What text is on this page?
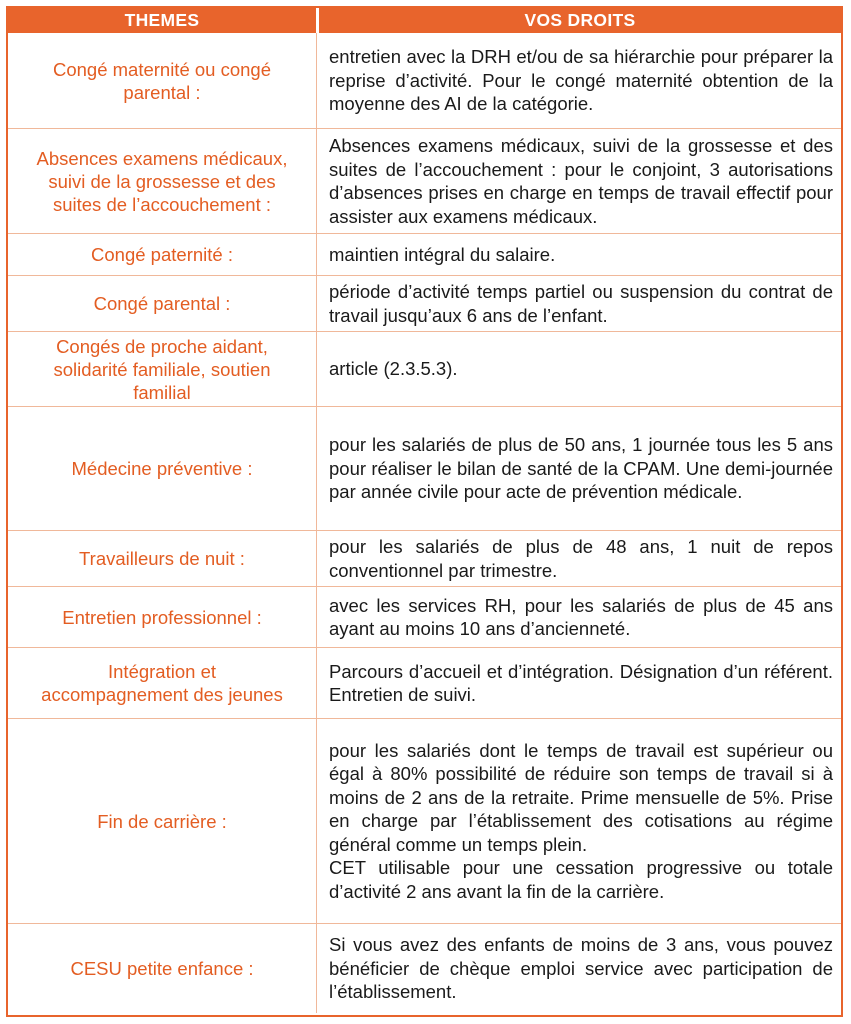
THEMES	VOS DROITS
Congé maternité ou congé
parental :

entretien avec la DRH et/ou de sa hiérarchie pour préparer la reprise d’activité. Pour le congé maternité obtention de la moyenne des AI de la catégorie.

Absences examens médicaux,
suivi de la grossesse et des
suites de l’accouchement :

Absences examens médicaux, suivi de la grossesse et des suites de l’accouchement : pour le conjoint, 3 autorisations d’absences prises en charge en temps de travail effectif pour assister aux examens médicaux.

Congé paternité :	maintien intégral du salaire.

Congé parental :

période d’activité temps partiel ou suspension du contrat de travail jusqu’aux 6 ans de l’enfant.

Congés de proche aidant,
solidarité familiale, soutien
familial

article (2.3.5.3).

Médecine préventive :

pour les salariés de plus de 50 ans, 1 journée tous les 5 ans pour réaliser le bilan de santé de la CPAM. Une demi-journée par année civile pour acte de prévention médicale.

Travailleurs de nuit :

pour les salariés de plus de 48 ans, 1 nuit de repos conventionnel par trimestre.

Entretien professionnel :

avec les services RH, pour les salariés de plus de 45 ans ayant au moins 10 ans d’ancienneté.

Intégration et
accompagnement des jeunes

Parcours d’accueil et d’intégration. Désignation d’un référent. Entretien de suivi.

Fin de carrière :

pour les salariés dont le temps de travail est supérieur ou égal à 80% possibilité de réduire son temps de travail si à moins de 2 ans de la retraite. Prime mensuelle de 5%. Prise en charge par l’établissement des cotisations au régime général comme un temps plein.

CET utilisable pour une cessation progressive ou totale d’activité 2 ans avant la fin de la carrière.

CESU petite enfance :

Si vous avez des enfants de moins de 3 ans, vous pouvez bénéficier de chèque emploi service avec participation de l’établissement.
